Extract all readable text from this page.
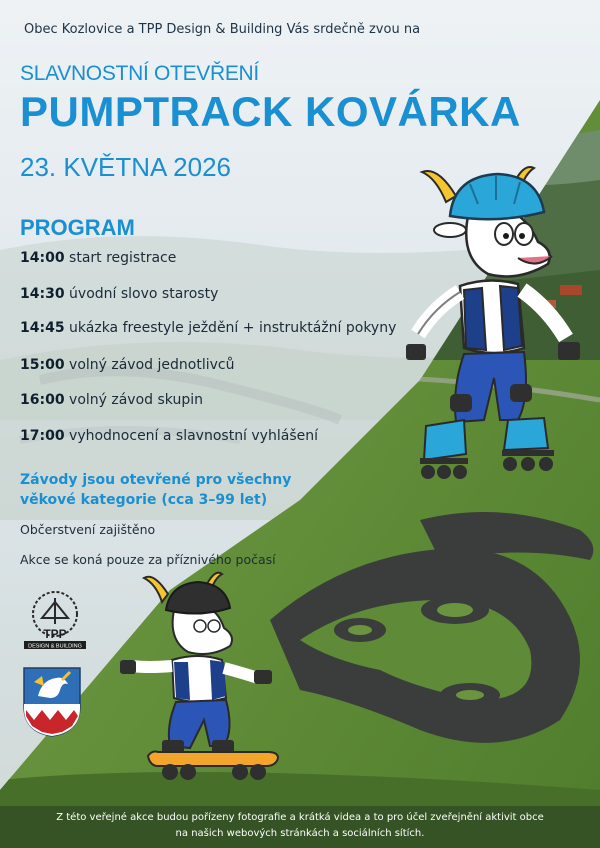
Obec Kozlovice a TPP Design & Building Vás srdečně zvou na
SLAVNOSTNÍ OTEVŘENÍ
PUMPTRACK KOVÁRKA
23. KVĚTNA 2026
PROGRAM
14:00 start registrace
14:30 úvodní slovo starosty
14:45 ukázka freestyle ježdění + instruktážní pokyny
15:00 volný závod jednotlivců
16:00 volný závod skupin
17:00 vyhodnocení a slavnostní vyhlášení
Závody jsou otevřené pro všechny
věkové kategorie (cca 3–99 let)
Občerstvení zajištěno
Akce se koná pouze za příznivého počasí
TPP
DESIGN & BUILDING
Z této veřejné akce budou pořízeny fotografie a krátká videa a to pro účel zveřejnění aktivit obce
na našich webových stránkách a sociálních sítích.
